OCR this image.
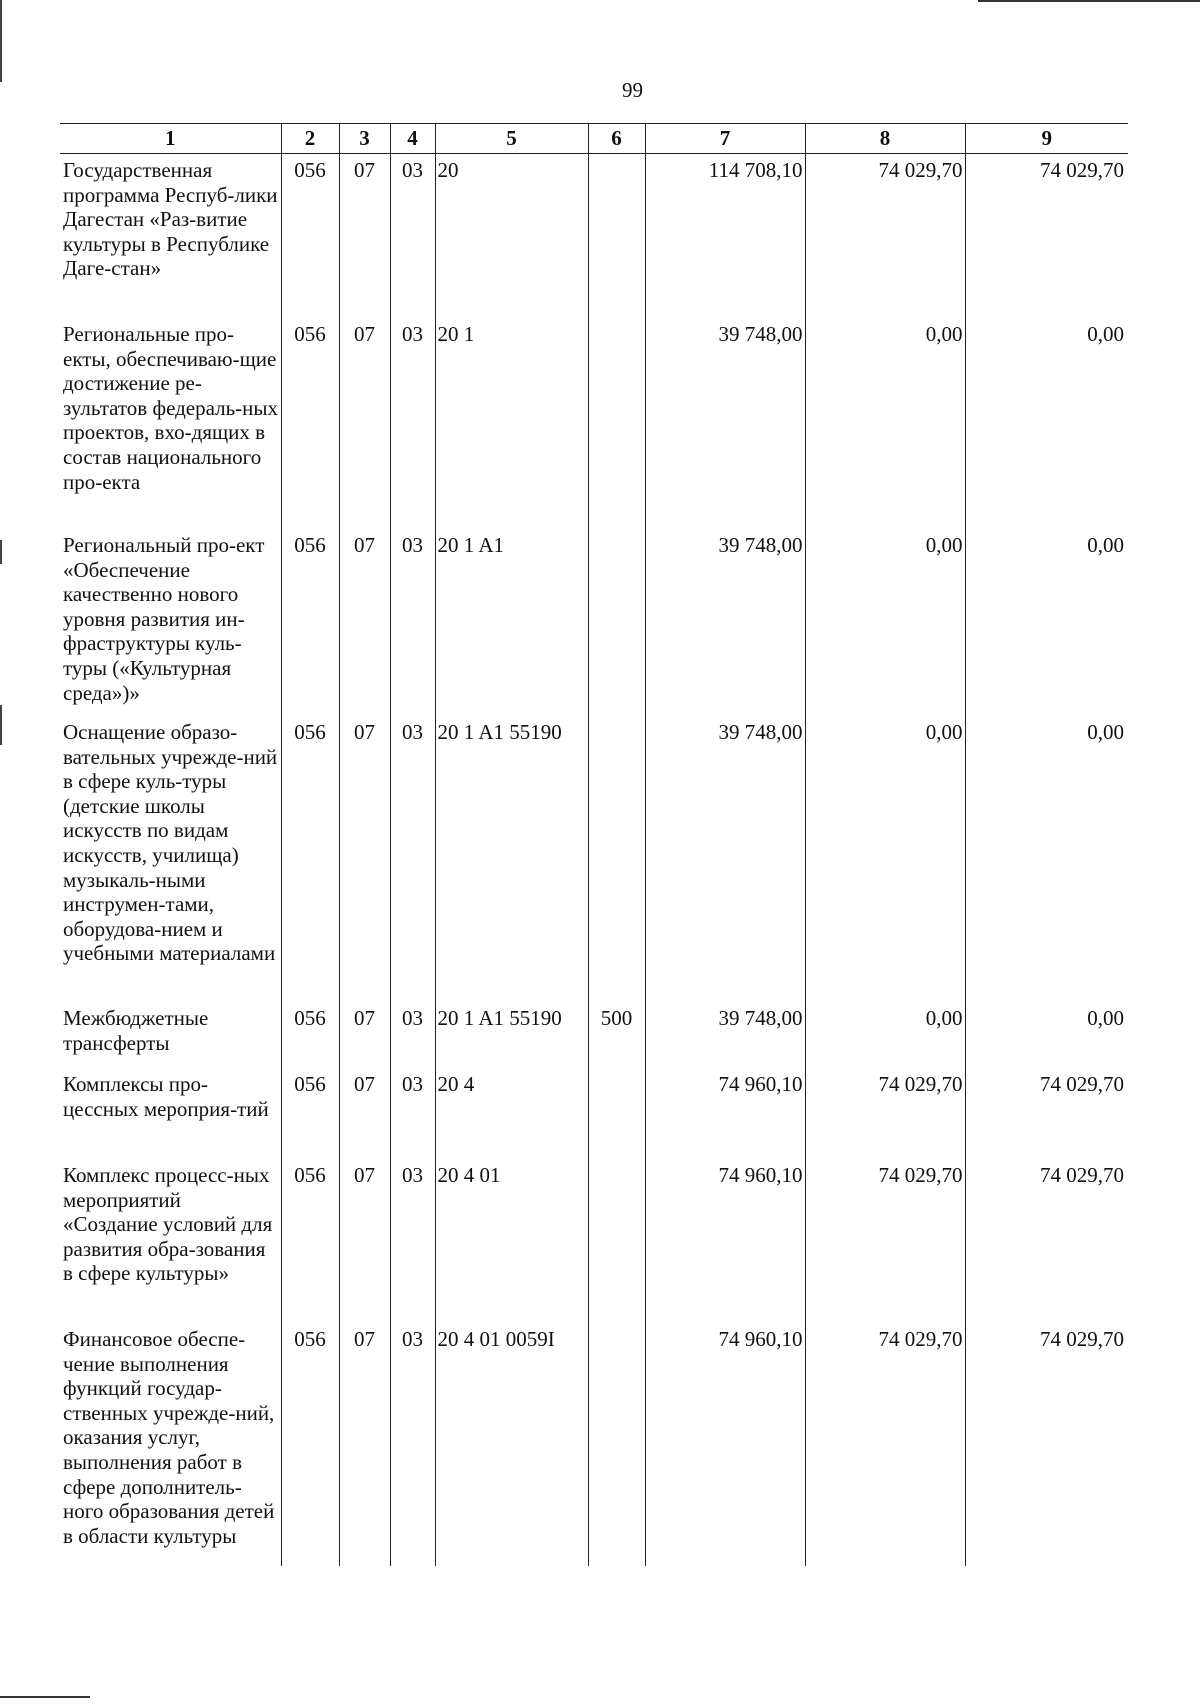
99
1	2	3	4	5	6	7	8	9
Государственная программа Респуб-лики Дагестан «Раз-витие культуры в Республике Даге-стан»	056	07	03	20		114 708,10	74 029,70	74 029,70
Региональные про-екты, обеспечиваю-щие достижение ре-зультатов федераль-ных проектов, вхо-дящих в состав национального про-екта	056	07	03	20 1		39 748,00	0,00	0,00
Региональный про-ект «Обеспечение качественно нового уровня развития ин-фраструктуры куль-туры («Культурная среда»)»	056	07	03	20 1 A1		39 748,00	0,00	0,00
Оснащение образо-вательных учрежде-ний в сфере куль-туры (детские школы искусств по видам искусств, училища) музыкаль-ными инструмен-тами, оборудова-нием и учебными материалами	056	07	03	20 1 A1 55190		39 748,00	0,00	0,00
Межбюджетные трансферты	056	07	03	20 1 A1 55190	500	39 748,00	0,00	0,00
Комплексы про-цессных мероприя-тий	056	07	03	20 4		74 960,10	74 029,70	74 029,70
Комплекс процесс-ных мероприятий «Создание условий для развития обра-зования в сфере культуры»	056	07	03	20 4 01		74 960,10	74 029,70	74 029,70
Финансовое обеспе-чение выполнения функций государ-ственных учрежде-ний, оказания услуг, выполнения работ в сфере дополнитель-ного образования детей в области культуры	056	07	03	20 4 01 0059I		74 960,10	74 029,70	74 029,70
